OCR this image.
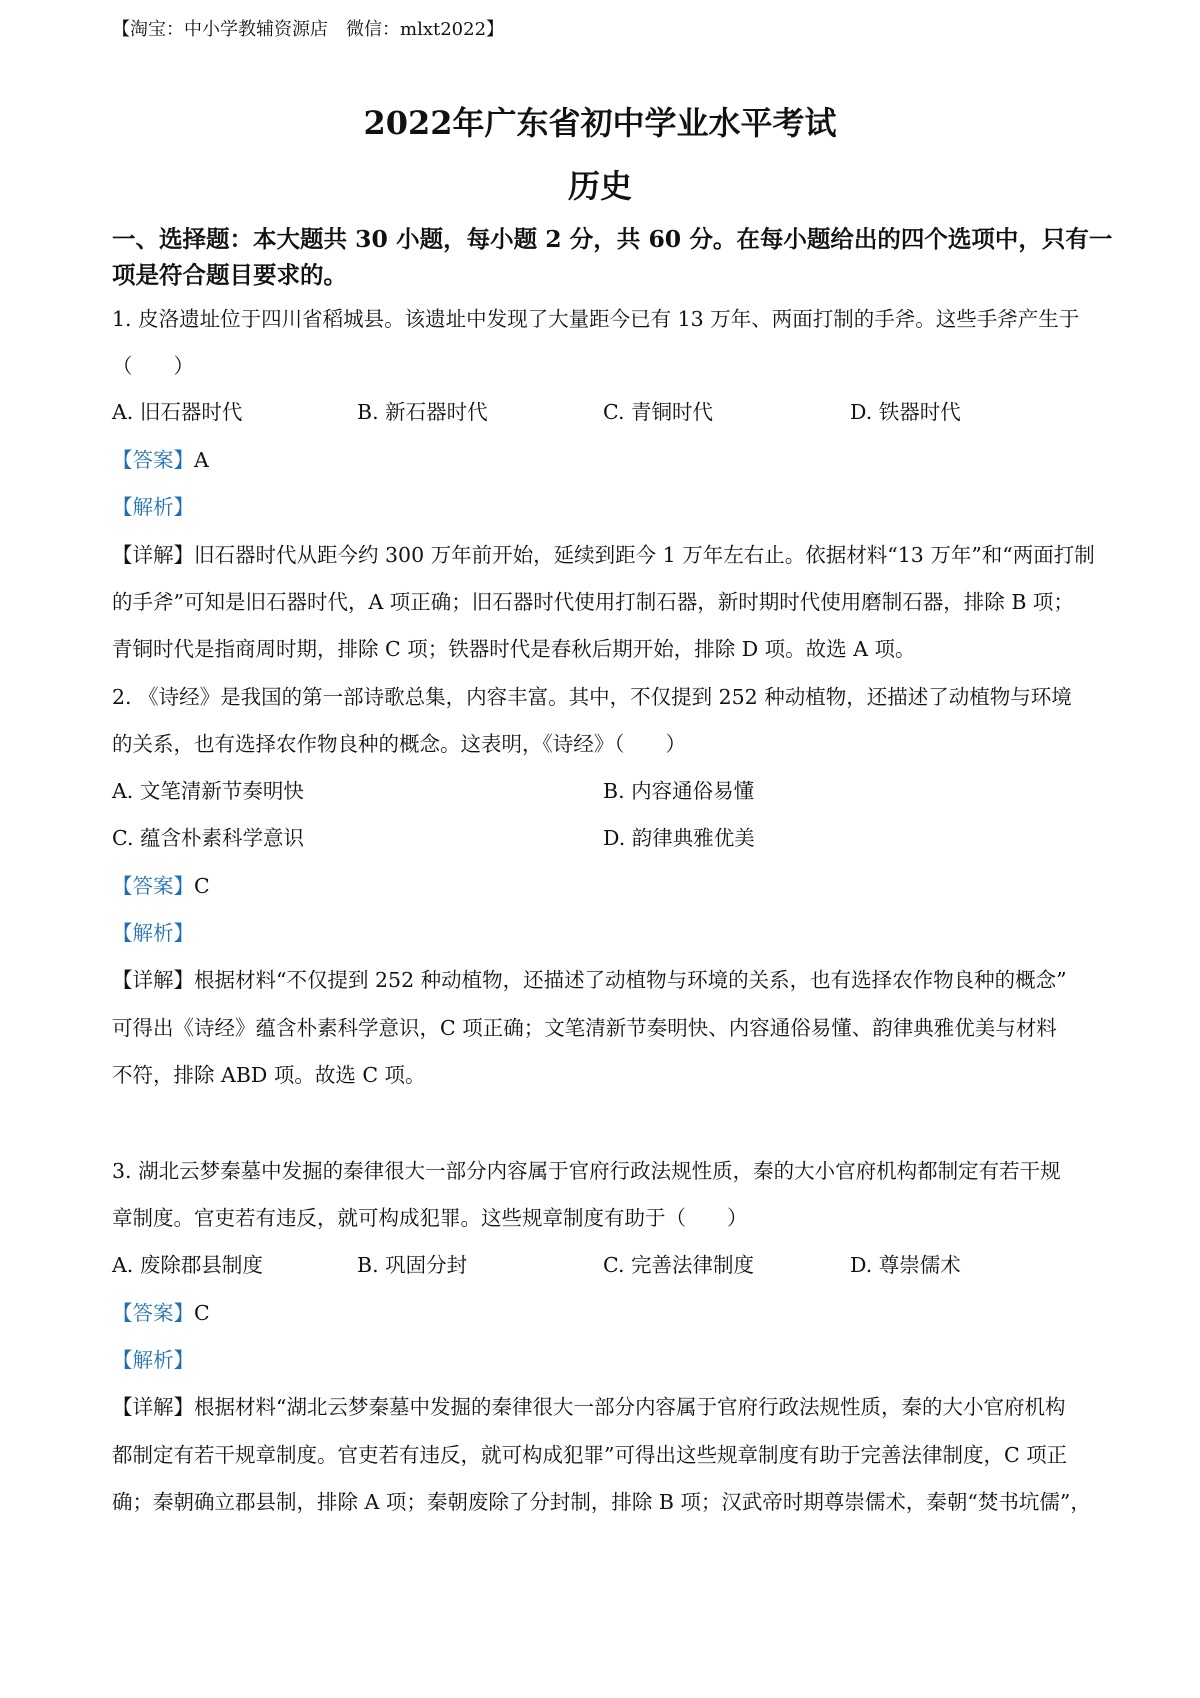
【淘宝：中小学教辅资源店　微信：mlxt2022】
2022年广东省初中学业水平考试
历史
一、选择题：本大题共 30 小题，每小题 2 分，共 60 分。在每小题给出的四个选项中，只有一
项是符合题目要求的。
1. 皮洛遗址位于四川省稻城县。该遗址中发现了大量距今已有 13 万年、两面打制的手斧。这些手斧产生于
（　　）
A. 旧石器时代	B. 新石器时代	C. 青铜时代	D. 铁器时代
【答案】A
【解析】
【详解】旧石器时代从距今约 300 万年前开始，延续到距今 1 万年左右止。依据材料“13 万年”和“两面打制
的手斧”可知是旧石器时代，A 项正确；旧石器时代使用打制石器，新时期时代使用磨制石器，排除 B 项；
青铜时代是指商周时期，排除 C 项；铁器时代是春秋后期开始，排除 D 项。故选 A 项。
2. 《诗经》是我国的第一部诗歌总集，内容丰富。其中，不仅提到 252 种动植物，还描述了动植物与环境
的关系，也有选择农作物良种的概念。这表明，《诗经》（　　）
A. 文笔清新节奏明快	B. 内容通俗易懂
C. 蕴含朴素科学意识	D. 韵律典雅优美
【答案】C
【解析】
【详解】根据材料“不仅提到 252 种动植物，还描述了动植物与环境的关系，也有选择农作物良种的概念”
可得出《诗经》蕴含朴素科学意识，C 项正确；文笔清新节奏明快、内容通俗易懂、韵律典雅优美与材料
不符，排除 ABD 项。故选 C 项。
3. 湖北云梦秦墓中发掘的秦律很大一部分内容属于官府行政法规性质，秦的大小官府机构都制定有若干规
章制度。官吏若有违反，就可构成犯罪。这些规章制度有助于（　　）
A. 废除郡县制度	B. 巩固分封	C. 完善法律制度	D. 尊崇儒术
【答案】C
【解析】
【详解】根据材料“湖北云梦秦墓中发掘的秦律很大一部分内容属于官府行政法规性质，秦的大小官府机构
都制定有若干规章制度。官吏若有违反，就可构成犯罪”可得出这些规章制度有助于完善法律制度，C 项正
确；秦朝确立郡县制，排除 A 项；秦朝废除了分封制，排除 B 项；汉武帝时期尊崇儒术，秦朝“焚书坑儒”，
